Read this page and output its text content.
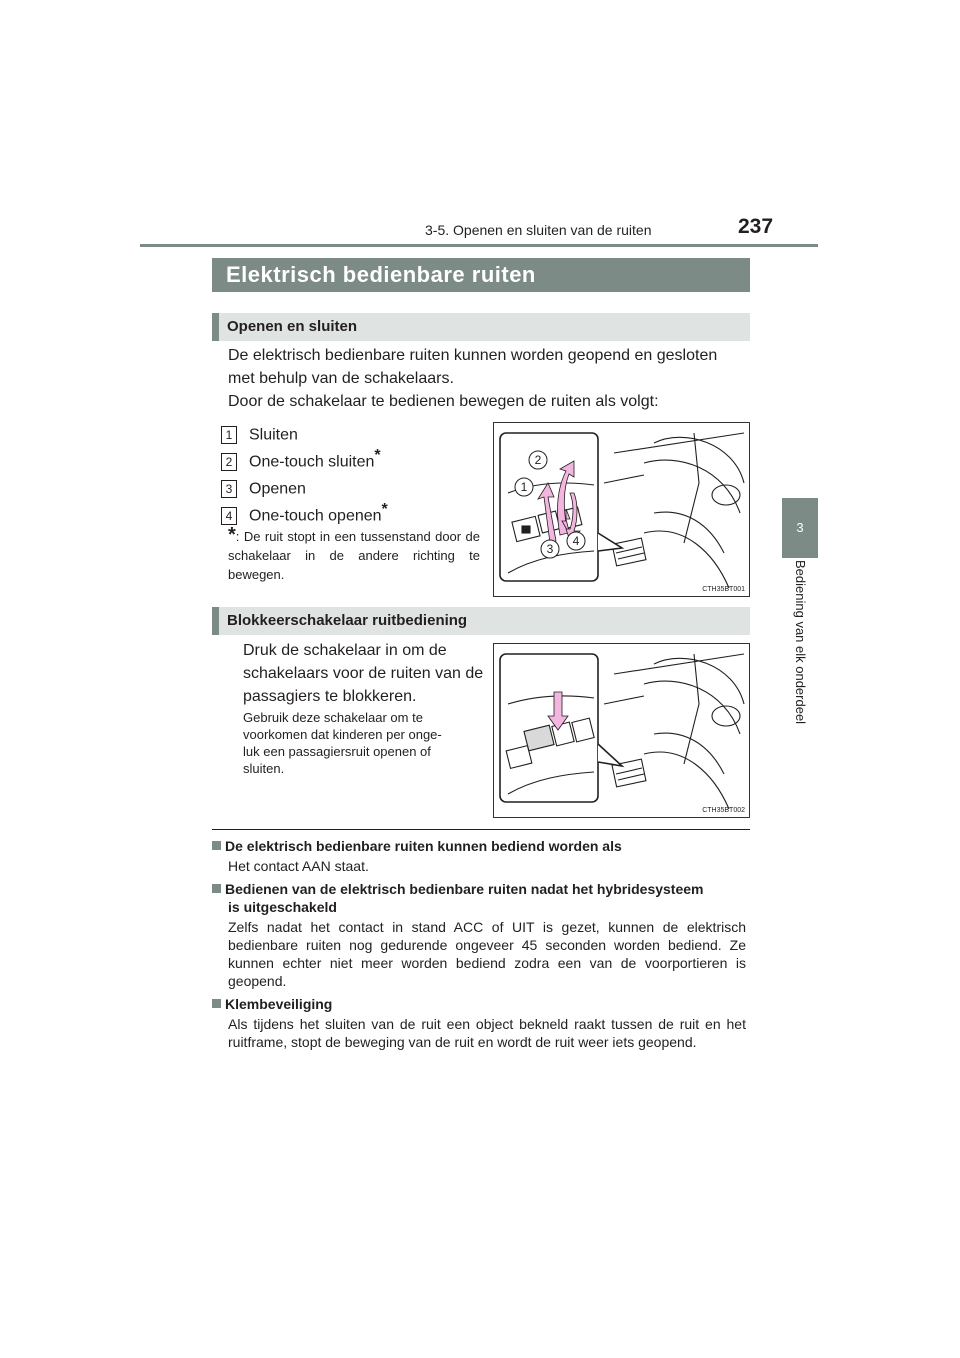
3-5. Openen en sluiten van de ruiten	237
3
Bediening van elk onderdeel
Elektrisch bedienbare ruiten
Openen en sluiten
De elektrisch bedienbare ruiten kunnen worden geopend en gesloten
met behulp van de schakelaars.
Door de schakelaar te bedienen bewegen de ruiten als volgt:
1 Sluiten
2 One-touch sluiten*
3 Openen
4 One-touch openen*
*: De ruit stopt in een tussenstand door de schakelaar in de andere richting te bewegen.
2
1
3
4
CTH35BT001
Blokkeerschakelaar ruitbediening
Druk de schakelaar in om de
schakelaars voor de ruiten van de
passagiers te blokkeren.
Gebruik deze schakelaar om te
voorkomen dat kinderen per onge-
luk een passagiersruit openen of
sluiten.
CTH35BT002
De elektrisch bedienbare ruiten kunnen bediend worden als
Het contact AAN staat.
Bedienen van de elektrisch bedienbare ruiten nadat het hybridesysteem
is uitgeschakeld
Zelfs nadat het contact in stand ACC of UIT is gezet, kunnen de elektrisch bedienbare ruiten nog gedurende ongeveer 45 seconden worden bediend. Ze kunnen echter niet meer worden bediend zodra een van de voorportieren is geopend.
Klembeveiliging
Als tijdens het sluiten van de ruit een object bekneld raakt tussen de ruit en het ruitframe, stopt de beweging van de ruit en wordt de ruit weer iets geopend.
